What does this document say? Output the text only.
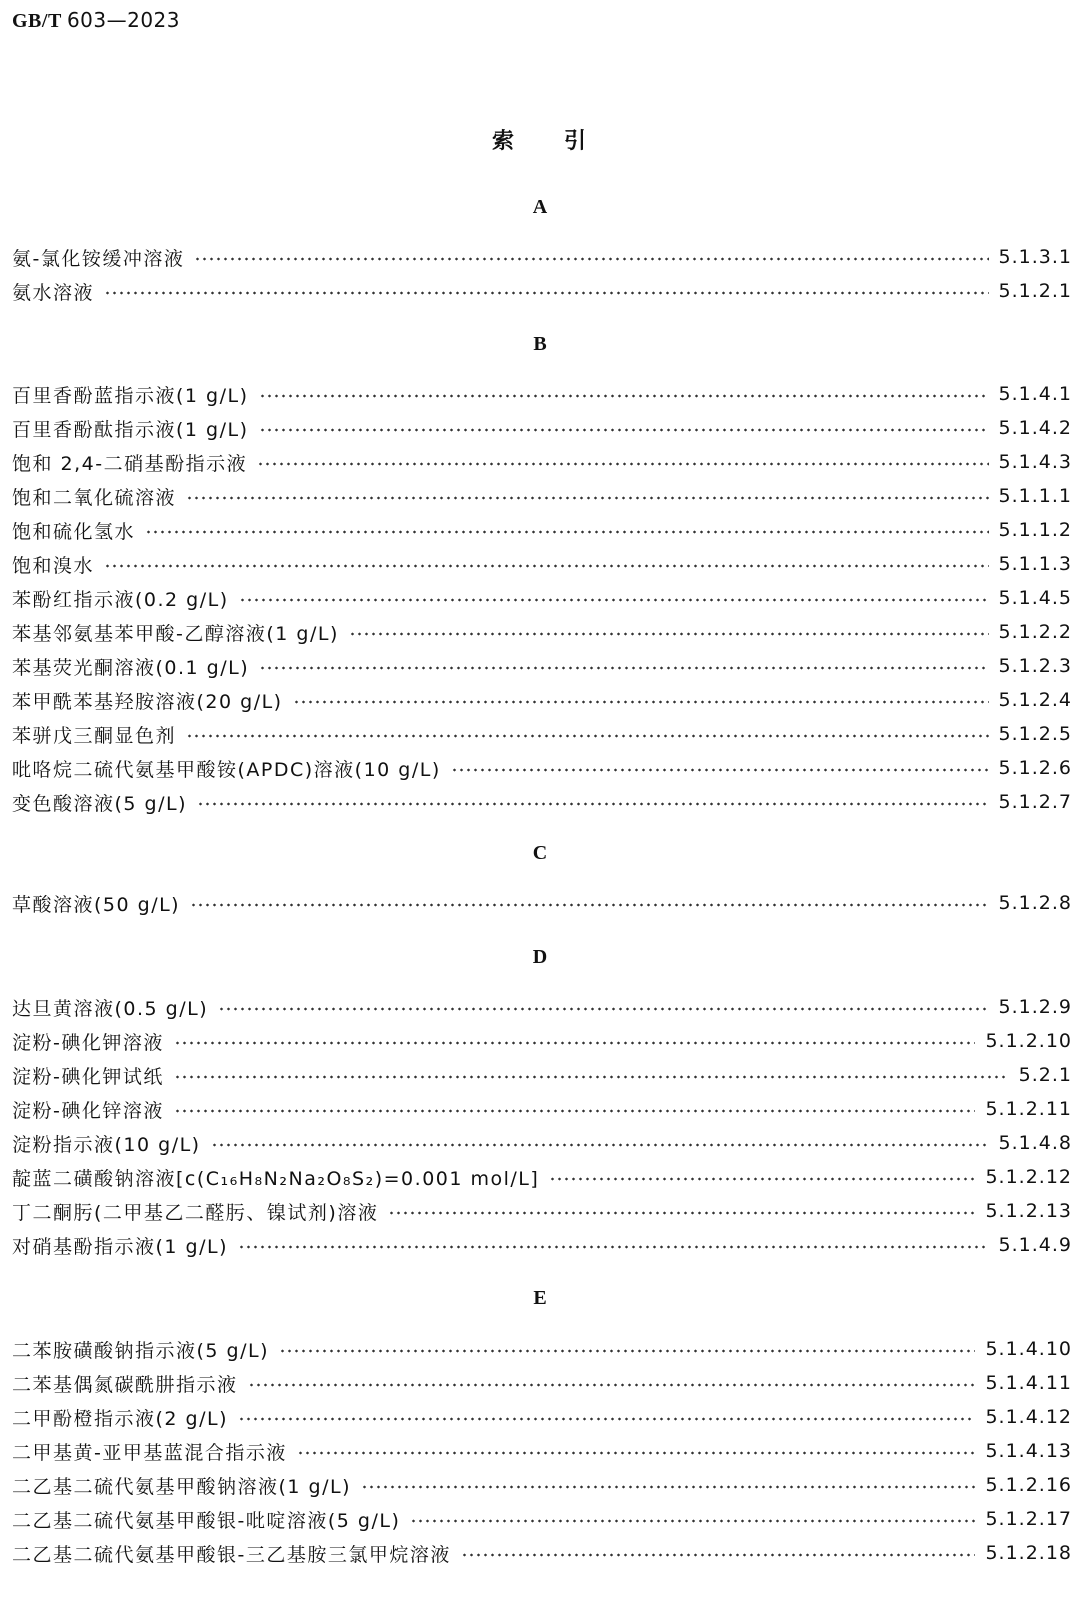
GB/T 603—2023
索 引
A
氨-氯化铵缓冲溶液	5.1.3.1
氨水溶液	5.1.2.1
B
百里香酚蓝指示液(1 g/L)	5.1.4.1
百里香酚酞指示液(1 g/L)	5.1.4.2
饱和 2,4-二硝基酚指示液	5.1.4.3
饱和二氧化硫溶液	5.1.1.1
饱和硫化氢水	5.1.1.2
饱和溴水	5.1.1.3
苯酚红指示液(0.2 g/L)	5.1.4.5
苯基邻氨基苯甲酸-乙醇溶液(1 g/L)	5.1.2.2
苯基荧光酮溶液(0.1 g/L)	5.1.2.3
苯甲酰苯基羟胺溶液(20 g/L)	5.1.2.4
苯骈戊三酮显色剂	5.1.2.5
吡咯烷二硫代氨基甲酸铵(APDC)溶液(10 g/L)	5.1.2.6
变色酸溶液(5 g/L)	5.1.2.7
C
草酸溶液(50 g/L)	5.1.2.8
D
达旦黄溶液(0.5 g/L)	5.1.2.9
淀粉-碘化钾溶液	5.1.2.10
淀粉-碘化钾试纸	5.2.1
淀粉-碘化锌溶液	5.1.2.11
淀粉指示液(10 g/L)	5.1.4.8
靛蓝二磺酸钠溶液[c(C₁₆H₈N₂Na₂O₈S₂)=0.001 mol/L]	5.1.2.12
丁二酮肟(二甲基乙二醛肟、镍试剂)溶液	5.1.2.13
对硝基酚指示液(1 g/L)	5.1.4.9
E
二苯胺磺酸钠指示液(5 g/L)	5.1.4.10
二苯基偶氮碳酰肼指示液	5.1.4.11
二甲酚橙指示液(2 g/L)	5.1.4.12
二甲基黄-亚甲基蓝混合指示液	5.1.4.13
二乙基二硫代氨基甲酸钠溶液(1 g/L)	5.1.2.16
二乙基二硫代氨基甲酸银-吡啶溶液(5 g/L)	5.1.2.17
二乙基二硫代氨基甲酸银-三乙基胺三氯甲烷溶液	5.1.2.18
